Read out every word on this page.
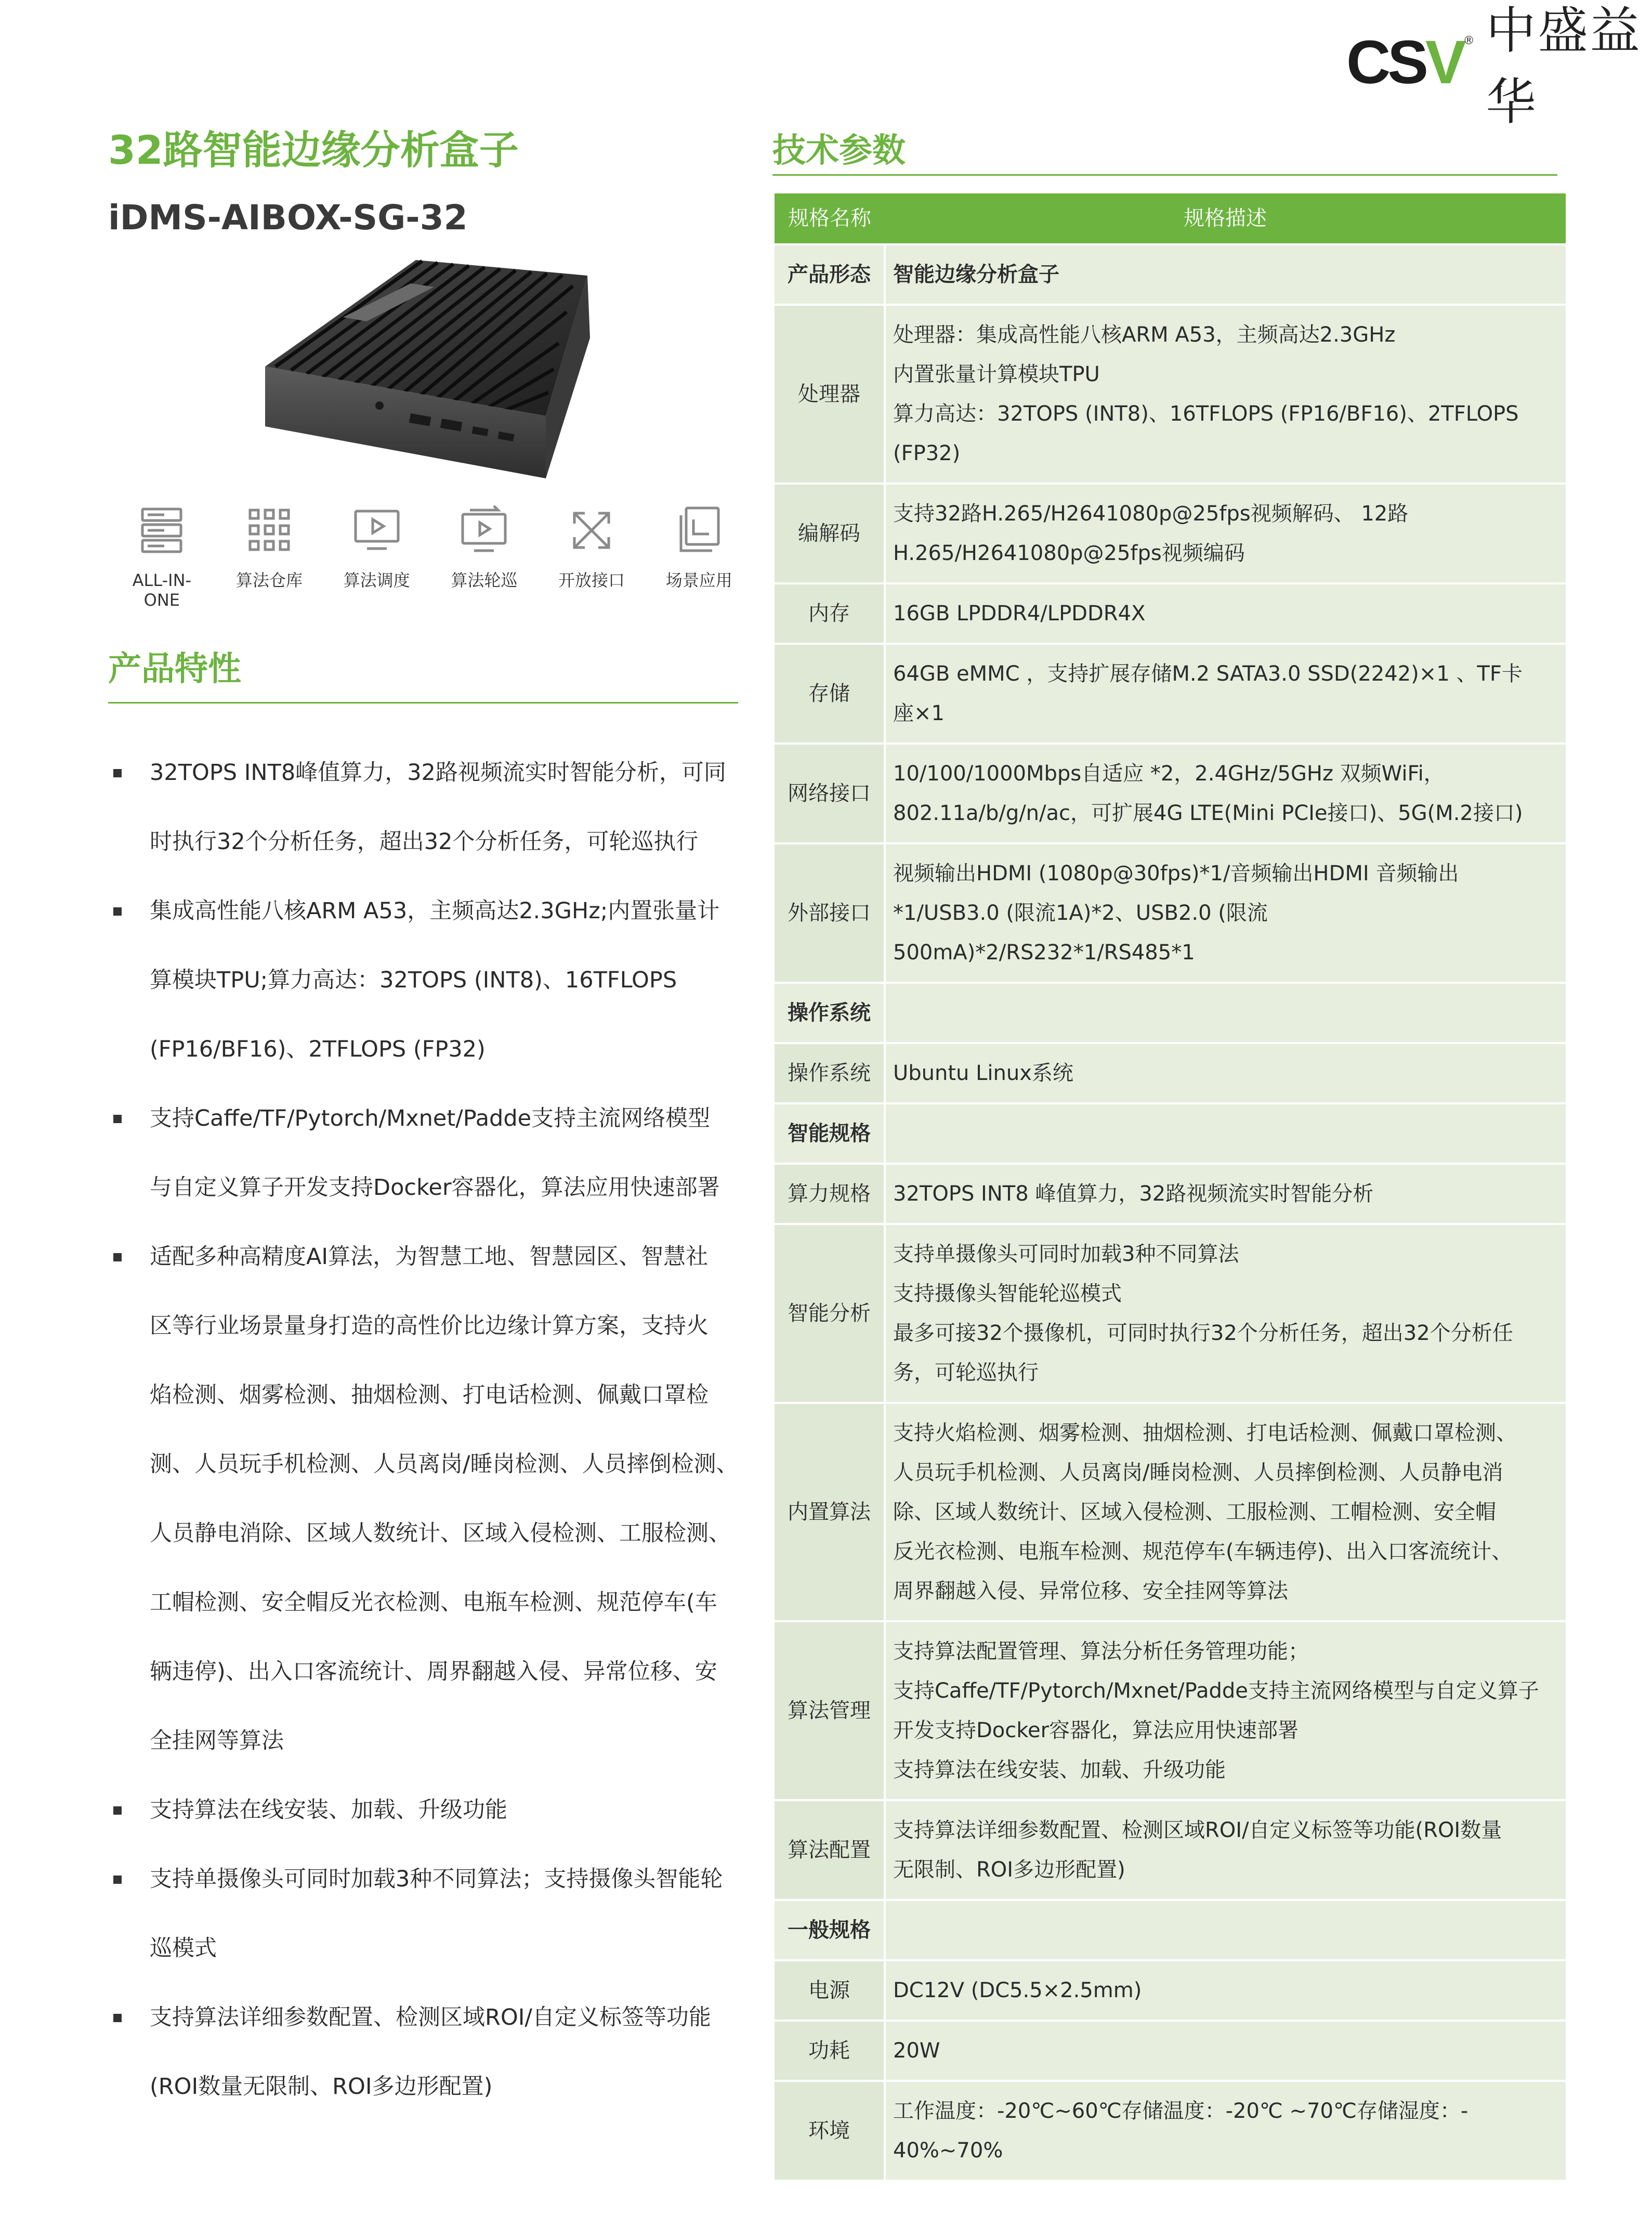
CSV ® 中盛益华
32路智能边缘分析盒子
iDMS-AIBOX-SG-32
ALL-IN-ONE
算法仓库 算法调度 算法轮巡 开放接口 场景应用
产品特性
32TOPS INT8峰值算力，32路视频流实时智能分析，可同
时执行32个分析任务，超出32个分析任务，可轮巡执行
集成高性能八核ARM A53，主频高达2.3GHz;内置张量计
算模块TPU;算力高达：32TOPS (INT8)、16TFLOPS
(FP16/BF16)、2TFLOPS (FP32)
支持Caffe/TF/Pytorch/Mxnet/Padde支持主流网络模型
与自定义算子开发支持Docker容器化，算法应用快速部署
适配多种高精度AI算法，为智慧工地、智慧园区、智慧社
区等行业场景量身打造的高性价比边缘计算方案，支持火
焰检测、烟雾检测、抽烟检测、打电话检测、佩戴口罩检
测、人员玩手机检测、人员离岗/睡岗检测、人员摔倒检测、
人员静电消除、区域人数统计、区域入侵检测、工服检测、
工帽检测、安全帽反光衣检测、电瓶车检测、规范停车(车
辆违停)、出入口客流统计、周界翻越入侵、异常位移、安
全挂网等算法
支持算法在线安装、加载、升级功能
支持单摄像头可同时加载3种不同算法；支持摄像头智能轮
巡模式
支持算法详细参数配置、检测区域ROI/自定义标签等功能
(ROI数量无限制、ROI多边形配置)
技术参数
规格名称	规格描述
产品形态	智能边缘分析盒子

处理器	处理器：集成高性能八核ARM A53，主频高达2.3GHz
内置张量计算模块TPU
算力高达：32TOPS (INT8)、16TFLOPS (FP16/BF16)、2TFLOPS
(FP32)

编解码	支持32路H.265/H2641080p@25fps视频解码、 12路
H.265/H2641080p@25fps视频编码

内存	16GB LPDDR4/LPDDR4X

存储	64GB eMMC ，支持扩展存储M.2 SATA3.0 SSD(2242)×1 、TF卡
座×1

网络接口	10/100/1000Mbps自适应 *2，2.4GHz/5GHz 双频WiFi，
802.11a/b/g/n/ac，可扩展4G LTE(Mini PCIe接口)、5G(M.2接口)

外部接口	视频输出HDMI (1080p@30fps)*1/音频输出HDMI 音频输出
*1/USB3.0 (限流1A)*2、USB2.0 (限流
500mA)*2/RS232*1/RS485*1

操作系统	

操作系统	Ubuntu Linux系统

智能规格	

算力规格	32TOPS INT8 峰值算力，32路视频流实时智能分析

智能分析	支持单摄像头可同时加载3种不同算法
支持摄像头智能轮巡模式
最多可接32个摄像机，可同时执行32个分析任务，超出32个分析任
务，可轮巡执行

内置算法	支持火焰检测、烟雾检测、抽烟检测、打电话检测、佩戴口罩检测、
人员玩手机检测、人员离岗/睡岗检测、人员摔倒检测、人员静电消
除、区域人数统计、区域入侵检测、工服检测、工帽检测、安全帽
反光衣检测、电瓶车检测、规范停车(车辆违停)、出入口客流统计、
周界翻越入侵、异常位移、安全挂网等算法

算法管理	支持算法配置管理、算法分析任务管理功能；
支持Caffe/TF/Pytorch/Mxnet/Padde支持主流网络模型与自定义算子
开发支持Docker容器化，算法应用快速部署
支持算法在线安装、加载、升级功能

算法配置	支持算法详细参数配置、检测区域ROI/自定义标签等功能(ROI数量
无限制、ROI多边形配置)

一般规格	

电源	DC12V (DC5.5×2.5mm)

功耗	20W

环境	工作温度：-20℃~60℃存储温度：-20℃ ~70℃存储湿度：-
40%~70%
